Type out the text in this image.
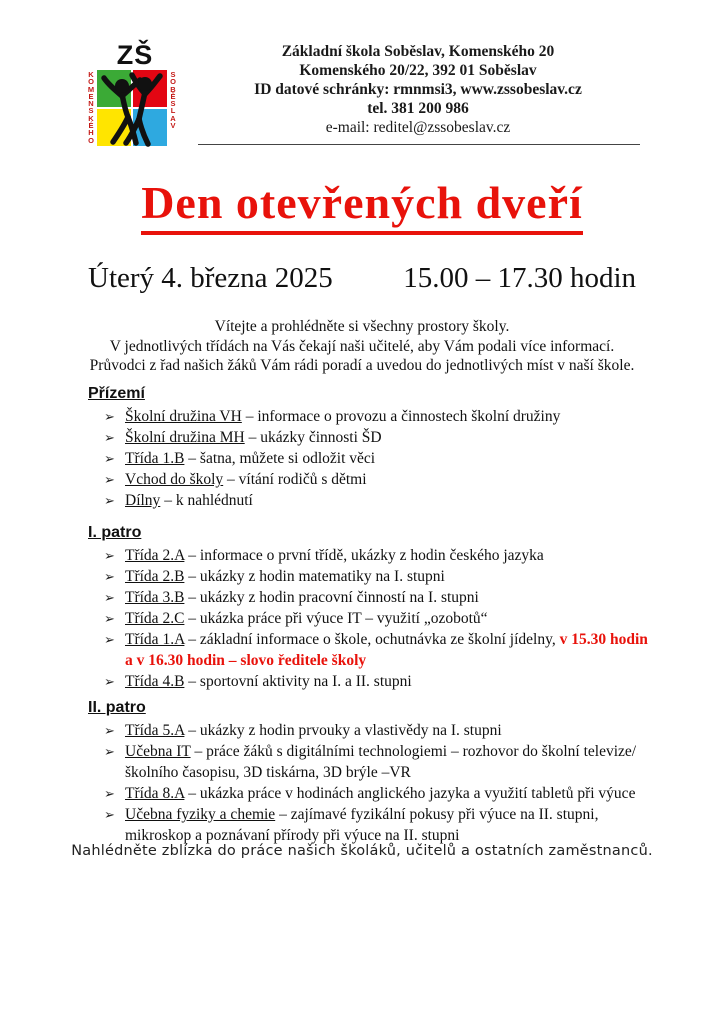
ZŠ
K
O
M
E
N
S
K
É
H
O
S
O
B
Ě
S
L
A
V
Základní škola Soběslav, Komenského 20
Komenského 20/22, 392 01 Soběslav
ID datové schránky: rmnmsi3, www.zssobeslav.cz
tel. 381 200 986
e-mail: reditel@zssobeslav.cz
Den otevřených dveří
Úterý 4. března 2025 15.00 – 17.30 hodin
Vítejte a prohlédněte si všechny prostory školy.
V jednotlivých třídách na Vás čekají naši učitelé, aby Vám podali více informací.
Průvodci z řad našich žáků Vám rádi poradí a uvedou do jednotlivých míst v naší škole.
Přízemí
➢ Školní družina VH – informace o provozu a činnostech školní družiny
➢ Školní družina MH – ukázky činnosti ŠD
➢ Třída 1.B – šatna, můžete si odložit věci
➢ Vchod do školy – vítání rodičů s dětmi
➢ Dílny – k nahlédnutí
I. patro
➢ Třída 2.A – informace o první třídě, ukázky z hodin českého jazyka
➢ Třída 2.B – ukázky z hodin matematiky na I. stupni
➢ Třída 3.B – ukázky z hodin pracovní činností na I. stupni
➢ Třída 2.C – ukázka práce při výuce IT – využití „ozobotů“
➢ Třída 1.A – základní informace o škole, ochutnávka ze školní jídelny, v 15.30 hodin a v 16.30 hodin – slovo ředitele školy
➢ Třída 4.B – sportovní aktivity na I. a II. stupni
II. patro
➢ Třída 5.A – ukázky z hodin prvouky a vlastivědy na I. stupni
➢ Učebna IT – práce žáků s digitálními technologiemi – rozhovor do školní televize/školního časopisu, 3D tiskárna, 3D brýle –VR
➢ Třída 8.A – ukázka práce v hodinách anglického jazyka a využití tabletů při výuce
➢ Učebna fyziky a chemie – zajímavé fyzikální pokusy při výuce na II. stupni, mikroskop a poznávaní přírody při výuce na II. stupni
Nahlédněte zblízka do práce našich školáků, učitelů a ostatních zaměstnanců.
